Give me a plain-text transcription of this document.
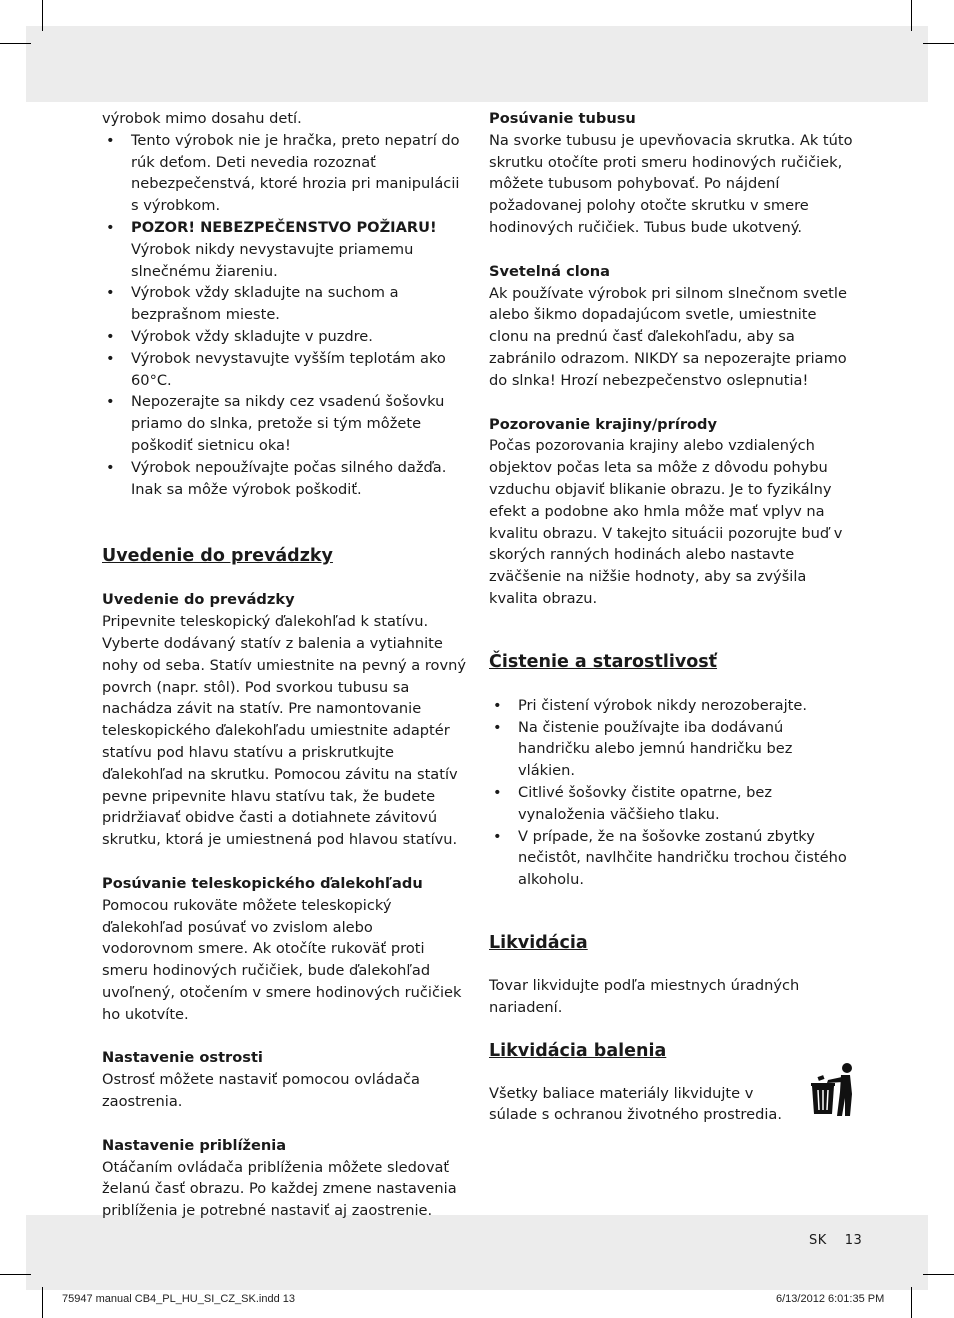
výrobok mimo dosahu detí.

• Tento výrobok nie je hračka, preto nepatrí do rúk deťom. Deti nevedia rozoznať nebezpečenstvá, ktoré hrozia pri manipulácii s výrobkom.
• POZOR! NEBEZPEČENSTVO POŽIARU!
Výrobok nikdy nevystavujte priamemu slnečnému žiareniu.
• Výrobok vždy skladujte na suchom a bezprašnom mieste.
• Výrobok vždy skladujte v puzdre.
• Výrobok nevystavujte vyšším teplotám ako 60°C.
• Nepozerajte sa nikdy cez vsadenú šošovku priamo do slnka, pretože si tým môžete poškodiť sietnicu oka!
• Výrobok nepoužívajte počas silného dažďa. Inak sa môže výrobok poškodiť.

Uvedenie do prevádzky

Uvedenie do prevádzky

Pripevnite teleskopický ďalekohľad k statívu. Vyberte dodávaný statív z balenia a vytiahnite nohy od seba. Statív umiestnite na pevný a rovný povrch (napr. stôl). Pod svorkou tubusu sa nachádza závit na statív. Pre namontovanie teleskopického ďalekohľadu umiestnite adaptér statívu pod hlavu statívu a priskrutkujte ďalekohľad na skrutku. Pomocou závitu na statív pevne pripevnite hlavu statívu tak, že budete pridržiavať obidve časti a dotiahnete závitovú skrutku, ktorá je umiestnená pod hlavou statívu.

Posúvanie teleskopického ďalekohľadu

Pomocou rukoväte môžete teleskopický ďalekohľad posúvať vo zvislom alebo vodorovnom smere. Ak otočíte rukoväť proti smeru hodinových ručičiek, bude ďalekohľad uvoľnený, otočením v smere hodinových ručičiek ho ukotvíte.

Nastavenie ostrosti

Ostrosť môžete nastaviť pomocou ovládača zaostrenia.

Nastavenie priblíženia

Otáčaním ovládača priblíženia môžete sledovať želanú časť obrazu. Po každej zmene nastavenia priblíženia je potrebné nastaviť aj zaostrenie.

Posúvanie tubusu

Na svorke tubusu je upevňovacia skrutka. Ak túto skrutku otočíte proti smeru hodinových ručičiek, môžete tubusom pohybovať. Po nájdení požadovanej polohy otočte skrutku v smere hodinových ručičiek. Tubus bude ukotvený.

Svetelná clona

Ak používate výrobok pri silnom slnečnom svetle alebo šikmo dopadajúcom svetle, umiestnite clonu na prednú časť ďalekohľadu, aby sa zabránilo odrazom. NIKDY sa nepozerajte priamo do slnka! Hrozí nebezpečenstvo oslepnutia!

Pozorovanie krajiny/prírody

Počas pozorovania krajiny alebo vzdialených objektov počas leta sa môže z dôvodu pohybu vzduchu objaviť blikanie obrazu. Je to fyzikálny efekt a podobne ako hmla môže mať vplyv na kvalitu obrazu. V takejto situácii pozorujte buď v skorých ranných hodinách alebo nastavte zväčšenie na nižšie hodnoty, aby sa zvýšila kvalita obrazu.

Čistenie a starostlivosť

• Pri čistení výrobok nikdy nerozoberajte.
• Na čistenie používajte iba dodávanú handričku alebo jemnú handričku bez vlákien.
• Citlivé šošovky čistite opatrne, bez vynaloženia väčšieho tlaku.
• V prípade, že na šošovke zostanú zbytky nečistôt, navlhčite handričku trochou čistého alkoholu.

Likvidácia

Tovar likvidujte podľa miestnych úradných nariadení.

Likvidácia balenia

Všetky baliace materiály likvidujte v súlade s ochranou životného prostredia.

SK 13
75947 manual CB4_PL_HU_SI_CZ_SK.indd 13	6/13/2012 6:01:35 PM
